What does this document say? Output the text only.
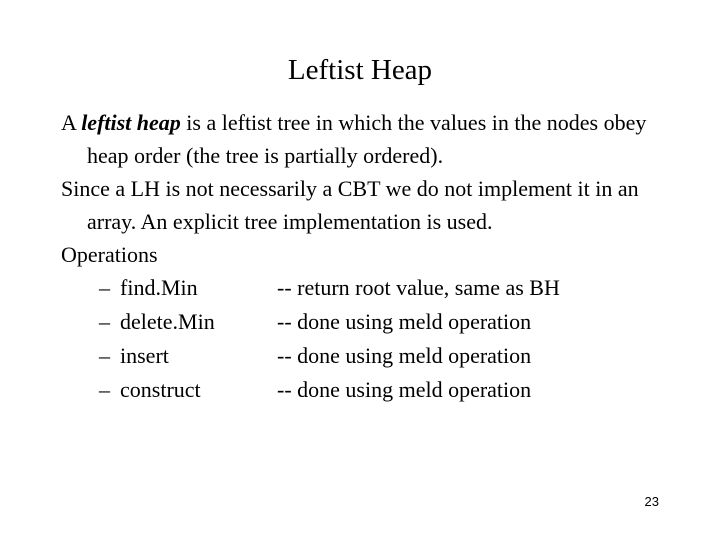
Leftist Heap

A leftist heap is a leftist tree in which the values in the nodes obey heap order (the tree is partially ordered).

Since a LH is not necessarily a CBT we do not implement it in an array. An explicit tree implementation is used.

Operations

– find.Min	-- return root value, same as BH
– delete.Min	-- done using meld operation
– insert	-- done using meld operation
– construct	-- done using meld operation
23
